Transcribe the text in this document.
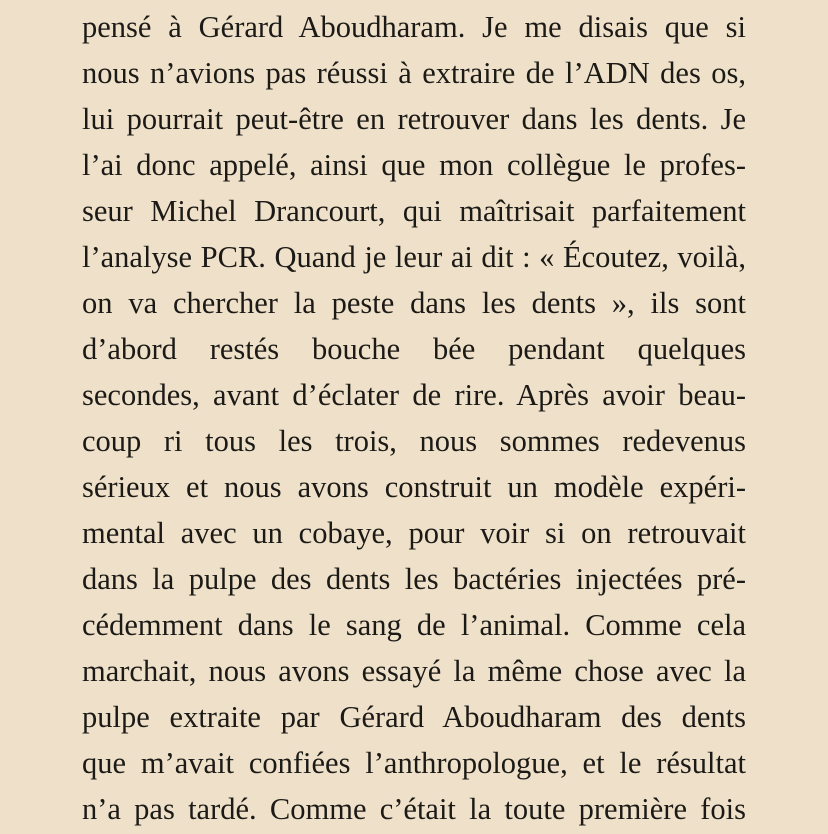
pensé à Gérard Aboudharam. Je me disais que si
nous n’avions pas réussi à extraire de l’ADN des os,
lui pourrait peut-être en retrouver dans les dents. Je
l’ai donc appelé, ainsi que mon collègue le profes-
seur Michel Drancourt, qui maîtrisait parfaitement
l’analyse PCR. Quand je leur ai dit : « Écoutez, voilà,
on va chercher la peste dans les dents », ils sont
d’abord restés bouche bée pendant quelques
secondes, avant d’éclater de rire. Après avoir beau-
coup ri tous les trois, nous sommes redevenus
sérieux et nous avons construit un modèle expéri-
mental avec un cobaye, pour voir si on retrouvait
dans la pulpe des dents les bactéries injectées pré-
cédemment dans le sang de l’animal. Comme cela
marchait, nous avons essayé la même chose avec la
pulpe extraite par Gérard Aboudharam des dents
que m’avait confiées l’anthropologue, et le résultat
n’a pas tardé. Comme c’était la toute première fois
